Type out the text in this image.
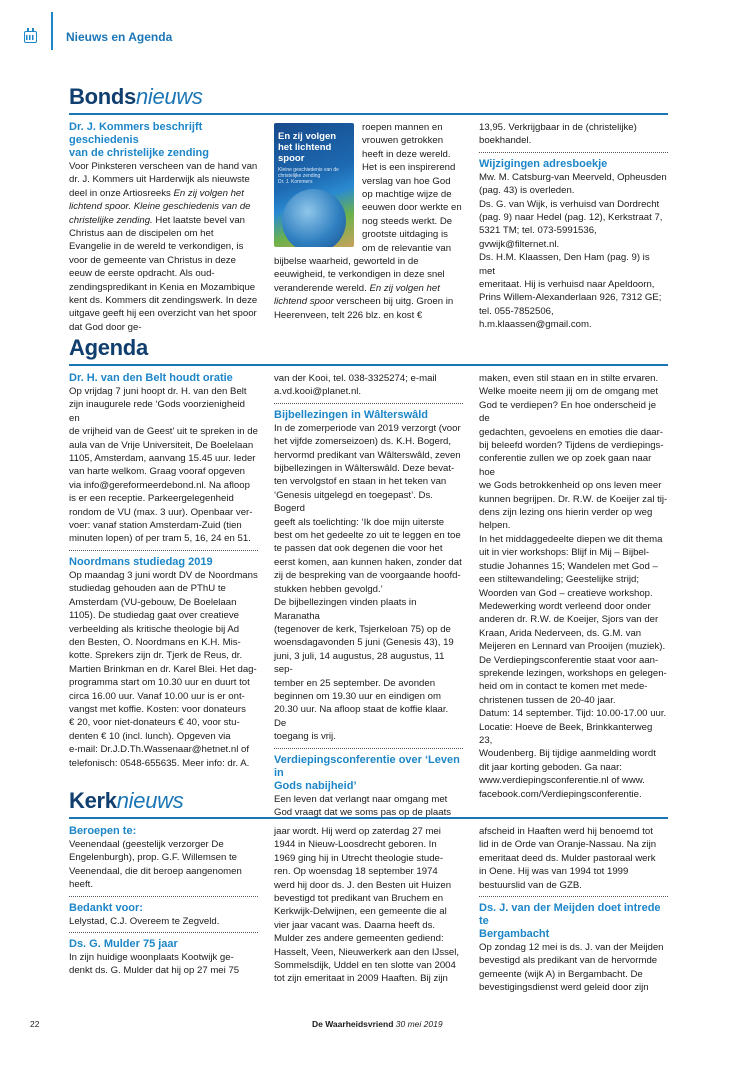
Nieuws en Agenda
Bondsnieuws
Dr. J. Kommers beschrijft geschiedenis
van de christelijke zending

Voor Pinksteren verscheen van de hand van dr. J. Kommers uit Harderwijk als nieuwste deel in onze Artiosreeks En zij volgen het lichtend spoor. Kleine geschiedenis van de christelijke zending. Het laatste bevel van Christus aan de discipelen om het Evangelie in de wereld te verkondigen, is voor de gemeente van Christus in deze eeuw de eerste opdracht. Als oud-zendingspredikant in Kenia en Mozambique kent ds. Kommers dit zendingswerk. In deze uitgave geeft hij een overzicht van het spoor dat God door ge-

En zij volgen het lichtend spoor
Kleine geschiedenis van de christelijke zending
Dr. J. Kommers
roepen mannen en vrouwen getrokken heeft in deze wereld. Het is een inspirerend verslag van hoe God op machtige wijze de eeuwen door werkte en nog steeds werkt. De grootste uitdaging is om de relevantie van bijbelse waarheid, geworteld in de eeuwigheid, te verkondigen in deze snel veranderende wereld. En zij volgen het lichtend spoor verscheen bij uitg. Groen in Heerenveen, telt 226 blz. en kost €

13,95. Verkrijgbaar in de (christelijke)
boekhandel.

Wijzigingen adresboekje

Mw. M. Catsburg-van Meerveld, Opheusden
(pag. 43) is overleden.
Ds. G. van Wijk, is verhuisd van Dordrecht
(pag. 9) naar Hedel (pag. 12), Kerkstraat 7,
5321 TM; tel. 073-5991536,
gvwijk@filternet.nl.
Ds. H.M. Klaassen, Den Ham (pag. 9) is met
emeritaat. Hij is verhuisd naar Apeldoorn,
Prins Willem-Alexanderlaan 926, 7312 GE;
tel. 055-7852506, h.m.klaassen@gmail.com.

Agenda
Dr. H. van den Belt houdt oratie

Op vrijdag 7 juni hoopt dr. H. van den Belt
zijn inaugurele rede ‘Gods voorzienigheid en
de vrijheid van de Geest’ uit te spreken in de
aula van de Vrije Universiteit, De Boelelaan
1105, Amsterdam, aanvang 15.45 uur. Ieder
van harte welkom. Graag vooraf opgeven
via info@gereformeerdebond.nl. Na afloop
is er een receptie. Parkeergelegenheid
rondom de VU (max. 3 uur). Openbaar ver-
voer: vanaf station Amsterdam-Zuid (tien
minuten lopen) of per tram 5, 16, 24 en 51.

Noordmans studiedag 2019

Op maandag 3 juni wordt DV de Noordmans
studiedag gehouden aan de PThU te
Amsterdam (VU-gebouw, De Boelelaan
1105). De studiedag gaat over creatieve
verbeelding als kritische theologie bij Ad
den Besten, O. Noordmans en K.H. Mis-
kotte. Sprekers zijn dr. Tjerk de Reus, dr.
Martien Brinkman en dr. Karel Blei. Het dag-
programma start om 10.30 uur en duurt tot
circa 16.00 uur. Vanaf 10.00 uur is er ont-
vangst met koffie. Kosten: voor donateurs
€ 20, voor niet-donateurs € 40, voor stu-
denten € 10 (incl. lunch). Opgeven via
e-mail: Dr.J.D.Th.Wassenaar@hetnet.nl of
telefonisch: 0548-655635. Meer info: dr. A.

van der Kooi, tel. 038-3325274; e-mail
a.vd.kooi@planet.nl.

Bijbellezingen in Wâlterswâld

In de zomerperiode van 2019 verzorgt (voor
het vijfde zomerseizoen) ds. K.H. Bogerd,
hervormd predikant van Wâlterswâld, zeven
bijbellezingen in Wâlterswâld. Deze bevat-
ten vervolgstof en staan in het teken van
‘Genesis uitgelegd en toegepast’. Ds. Bogerd
geeft als toelichting: ‘Ik doe mijn uiterste
best om het gedeelte zo uit te leggen en toe
te passen dat ook degenen die voor het
eerst komen, aan kunnen haken, zonder dat
zij de bespreking van de voorgaande hoofd-
stukken hebben gevolgd.’
De bijbellezingen vinden plaats in Maranatha
(tegenover de kerk, Tsjerkeloan 75) op de
woensdagavonden 5 juni (Genesis 43), 19
juni, 3 juli, 14 augustus, 28 augustus, 11 sep-
tember en 25 september. De avonden
beginnen om 19.30 uur en eindigen om
20.30 uur. Na afloop staat de koffie klaar. De
toegang is vrij.

Verdiepingsconferentie over ‘Leven in
Gods nabijheid’

Een leven dat verlangt naar omgang met
God vraagt dat we soms pas op de plaats

maken, even stil staan en in stilte ervaren.
Welke moeite neem jij om de omgang met
God te verdiepen? En hoe onderscheid je de
gedachten, gevoelens en emoties die daar-
bij beleefd worden? Tijdens de verdiepings-
conferentie zullen we op zoek gaan naar hoe
we Gods betrokkenheid op ons leven meer
kunnen begrijpen. Dr. R.W. de Koeijer zal tij-
dens zijn lezing ons hierin verder op weg
helpen.
In het middaggedeelte diepen we dit thema
uit in vier workshops: Blijf in Mij – Bijbel-
studie Johannes 15; Wandelen met God –
een stiltewandeling; Geestelijke strijd;
Woorden van God – creatieve workshop.
Medewerking wordt verleend door onder
anderen dr. R.W. de Koeijer, Sjors van der
Kraan, Arida Nederveen, ds. G.M. van
Meijeren en Lennard van Prooijen (muziek).
De Verdiepingsconferentie staat voor aan-
sprekende lezingen, workshops en gelegen-
heid om in contact te komen met mede-
christenen tussen de 20-40 jaar.
Datum: 14 september. Tijd: 10.00-17.00 uur.
Locatie: Hoeve de Beek, Brinkkanterweg 23,
Woudenberg. Bij tijdige aanmelding wordt
dit jaar korting geboden. Ga naar:
www.verdiepingsconferentie.nl of www.
facebook.com/Verdiepingsconferentie.

Kerknieuws
Beroepen te:

Veenendaal (geestelijk verzorger De
Engelenburgh), prop. G.F. Willemsen te
Veenendaal, die dit beroep aangenomen
heeft.

Bedankt voor:

Lelystad, C.J. Overeem te Zegveld.

Ds. G. Mulder 75 jaar

In zijn huidige woonplaats Kootwijk ge-
denkt ds. G. Mulder dat hij op 27 mei 75

jaar wordt. Hij werd op zaterdag 27 mei
1944 in Nieuw-Loosdrecht geboren. In
1969 ging hij in Utrecht theologie stude-
ren. Op woensdag 18 september 1974
werd hij door ds. J. den Besten uit Huizen
bevestigd tot predikant van Bruchem en
Kerkwijk-Delwijnen, een gemeente die al
vier jaar vacant was. Daarna heeft ds.
Mulder zes andere gemeenten gediend:
Hasselt, Veen, Nieuwerkerk aan den IJssel,
Sommelsdijk, Uddel en ten slotte van 2004
tot zijn emeritaat in 2009 Haaften. Bij zijn

afscheid in Haaften werd hij benoemd tot
lid in de Orde van Oranje-Nassau. Na zijn
emeritaat deed ds. Mulder pastoraal werk
in Oene. Hij was van 1994 tot 1999
bestuurslid van de GZB.

Ds. J. van der Meijden doet intrede te
Bergambacht

Op zondag 12 mei is ds. J. van der Meijden
bevestigd als predikant van de hervormde
gemeente (wijk A) in Bergambacht. De
bevestigingsdienst werd geleid door zijn

22	De Waarheidsvriend 30 mei 2019
